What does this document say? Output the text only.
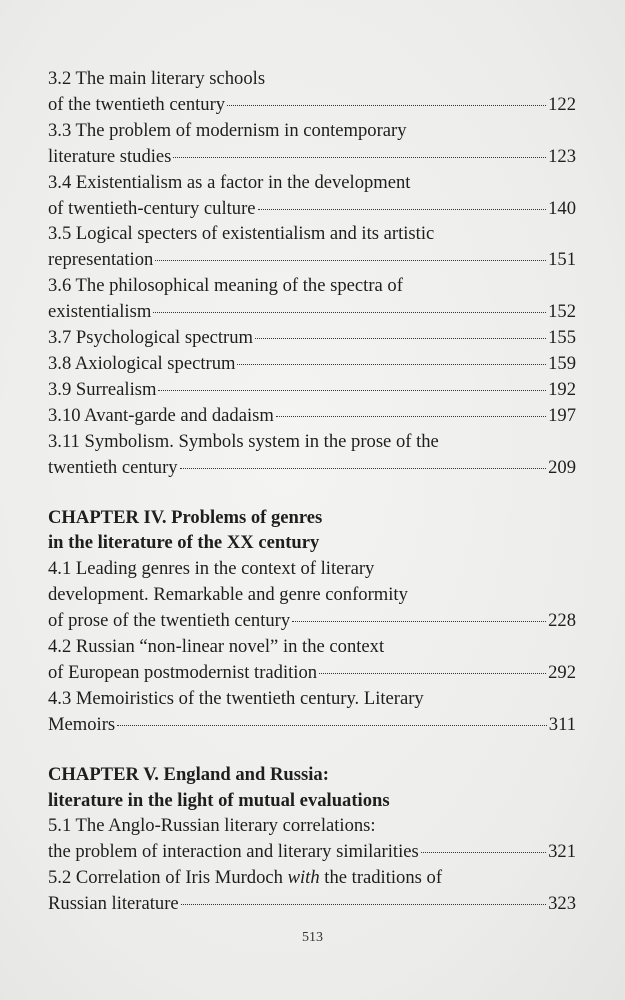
3.2 The main literary schools
of the twentieth century	122
3.3 The problem of modernism in contemporary
literature studies	123
3.4 Existentialism as a factor in the development
of twentieth-century culture	140
3.5 Logical specters of existentialism and its artistic
representation	151
3.6 The philosophical meaning of the spectra of
existentialism	152
3.7 Psychological spectrum	155
3.8 Axiological spectrum	159
3.9 Surrealism	192
3.10 Avant-garde and dadaism	197
3.11 Symbolism. Symbols system in the prose of the
twentieth century	209
CHAPTER IV. Problems of genres
in the literature of the XX century
4.1 Leading genres in the context of literary
development. Remarkable and genre conformity
of prose of the twentieth century	228
4.2 Russian “non-linear novel” in the context
of European postmodernist tradition	292
4.3 Memoiristics of the twentieth century. Literary
Memoirs	311
CHAPTER V. England and Russia:
literature in the light of mutual evaluations
5.1 The Anglo-Russian literary correlations:
the problem of interaction and literary similarities	321
5.2 Correlation of Iris Murdoch with the traditions of
Russian literature	323
513
